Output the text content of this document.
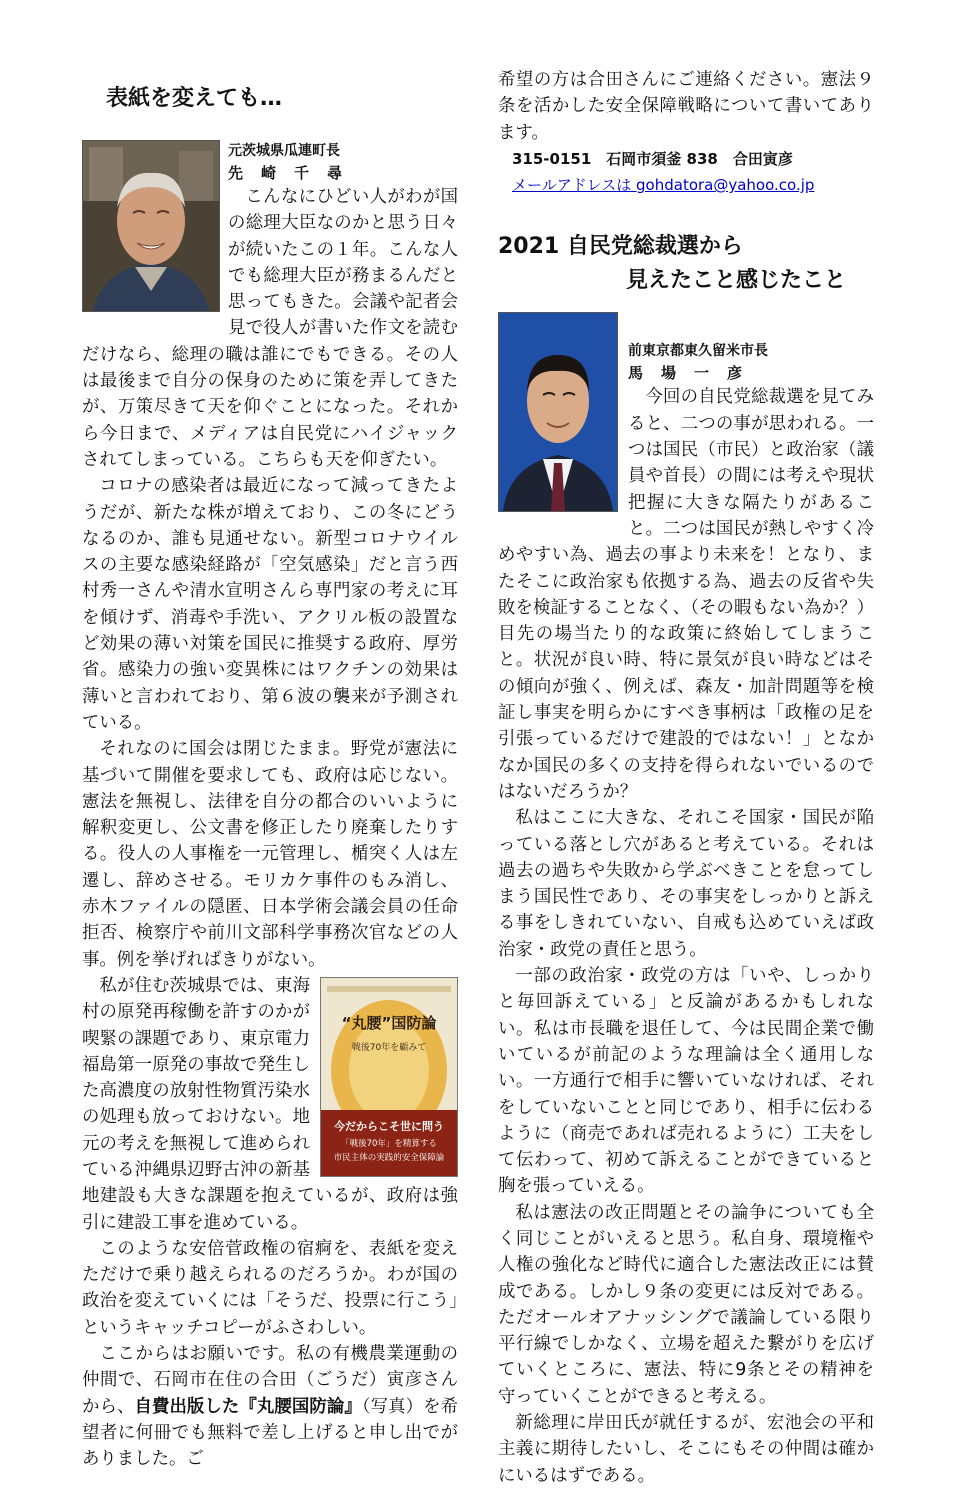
表紙を変えても…
元茨城県瓜連町長
先崎千尋

こんなにひどい人がわが国の総理大臣なのかと思う日々が続いたこの１年。こんな人でも総理大臣が務まるんだと思ってもきた。会議や記者会見で役人が書いた作文を読むだけなら、総理の職は誰にでもできる。その人は最後まで自分の保身のために策を弄してきたが、万策尽きて天を仰ぐことになった。それから今日まで、メディアは自民党にハイジャックされてしまっている。こちらも天を仰ぎたい。

コロナの感染者は最近になって減ってきたようだが、新たな株が増えており、この冬にどうなるのか、誰も見通せない。新型コロナウイルスの主要な感染経路が「空気感染」だと言う西村秀一さんや清水宣明さんら専門家の考えに耳を傾けず、消毒や手洗い、アクリル板の設置など効果の薄い対策を国民に推奨する政府、厚労省。感染力の強い変異株にはワクチンの効果は薄いと言われており、第６波の襲来が予測されている。

それなのに国会は閉じたまま。野党が憲法に基づいて開催を要求しても、政府は応じない。憲法を無視し、法律を自分の都合のいいように解釈変更し、公文書を修正したり廃棄したりする。役人の人事権を一元管理し、楯突く人は左遷し、辞めさせる。モリカケ事件のもみ消し、赤木ファイルの隠匿、日本学術会議会員の任命拒否、検察庁や前川文部科学事務次官などの人事。例を挙げればきりがない。

“丸腰”国防論
戦後70年を顧みて
今だからこそ世に問う
「戦後70年」を精算する
市民主体の実践的安全保障論

私が住む茨城県では、東海村の原発再稼働を許すのかが喫緊の課題であり、東京電力福島第一原発の事故で発生した高濃度の放射性物質汚染水の処理も放っておけない。地元の考えを無視して進められている沖縄県辺野古沖の新基地建設も大きな課題を抱えているが、政府は強引に建設工事を進めている。

このような安倍菅政権の宿痾を、表紙を変えただけで乗り越えられるのだろうか。わが国の政治を変えていくには「そうだ、投票に行こう」というキャッチコピーがふさわしい。

ここからはお願いです。私の有機農業運動の仲間で、石岡市在住の合田（ごうだ）寅彦さんから、自費出版した『丸腰国防論』（写真）を希望者に何冊でも無料で差し上げると申し出でがありました。ご

希望の方は合田さんにご連絡ください。憲法９条を活かした安全保障戦略について書いてあります。

315-0151　石岡市須釜 838　合田寅彦
メールアドレスは gohdatora@yahoo.co.jp
2021 自民党総裁選から
見えたこと感じたこと
前東京都東久留米市長
馬場一彦

今回の自民党総裁選を見てみると、二つの事が思われる。一つは国民（市民）と政治家（議員や首長）の間には考えや現状把握に大きな隔たりがあること。二つは国民が熱しやすく冷めやすい為、過去の事より未来を！となり、またそこに政治家も依拠する為、過去の反省や失敗を検証することなく、（その暇もない為か？）目先の場当たり的な政策に終始してしまうこと。状況が良い時、特に景気が良い時などはその傾向が強く、例えば、森友・加計問題等を検証し事実を明らかにすべき事柄は「政権の足を引張っているだけで建設的ではない！」となかなか国民の多くの支持を得られないでいるのではないだろうか？

私はここに大きな、それこそ国家・国民が陥っている落とし穴があると考えている。それは過去の過ちや失敗から学ぶべきことを怠ってしまう国民性であり、その事実をしっかりと訴える事をしきれていない、自戒も込めていえば政治家・政党の責任と思う。

一部の政治家・政党の方は「いや、しっかりと毎回訴えている」と反論があるかもしれない。私は市長職を退任して、今は民間企業で働いているが前記のような理論は全く通用しない。一方通行で相手に響いていなければ、それをしていないことと同じであり、相手に伝わるように（商売であれば売れるように）工夫をして伝わって、初めて訴えることができていると胸を張っていえる。

私は憲法の改正問題とその論争についても全く同じことがいえると思う。私自身、環境権や人権の強化など時代に適合した憲法改正には賛成である。しかし９条の変更には反対である。ただオールオアナッシングで議論している限り平行線でしかなく、立場を超えた繋がりを広げていくところに、憲法、特に9条とその精神を守っていくことができると考える。

新総理に岸田氏が就任するが、宏池会の平和主義に期待したいし、そこにもその仲間は確かにいるはずである。
